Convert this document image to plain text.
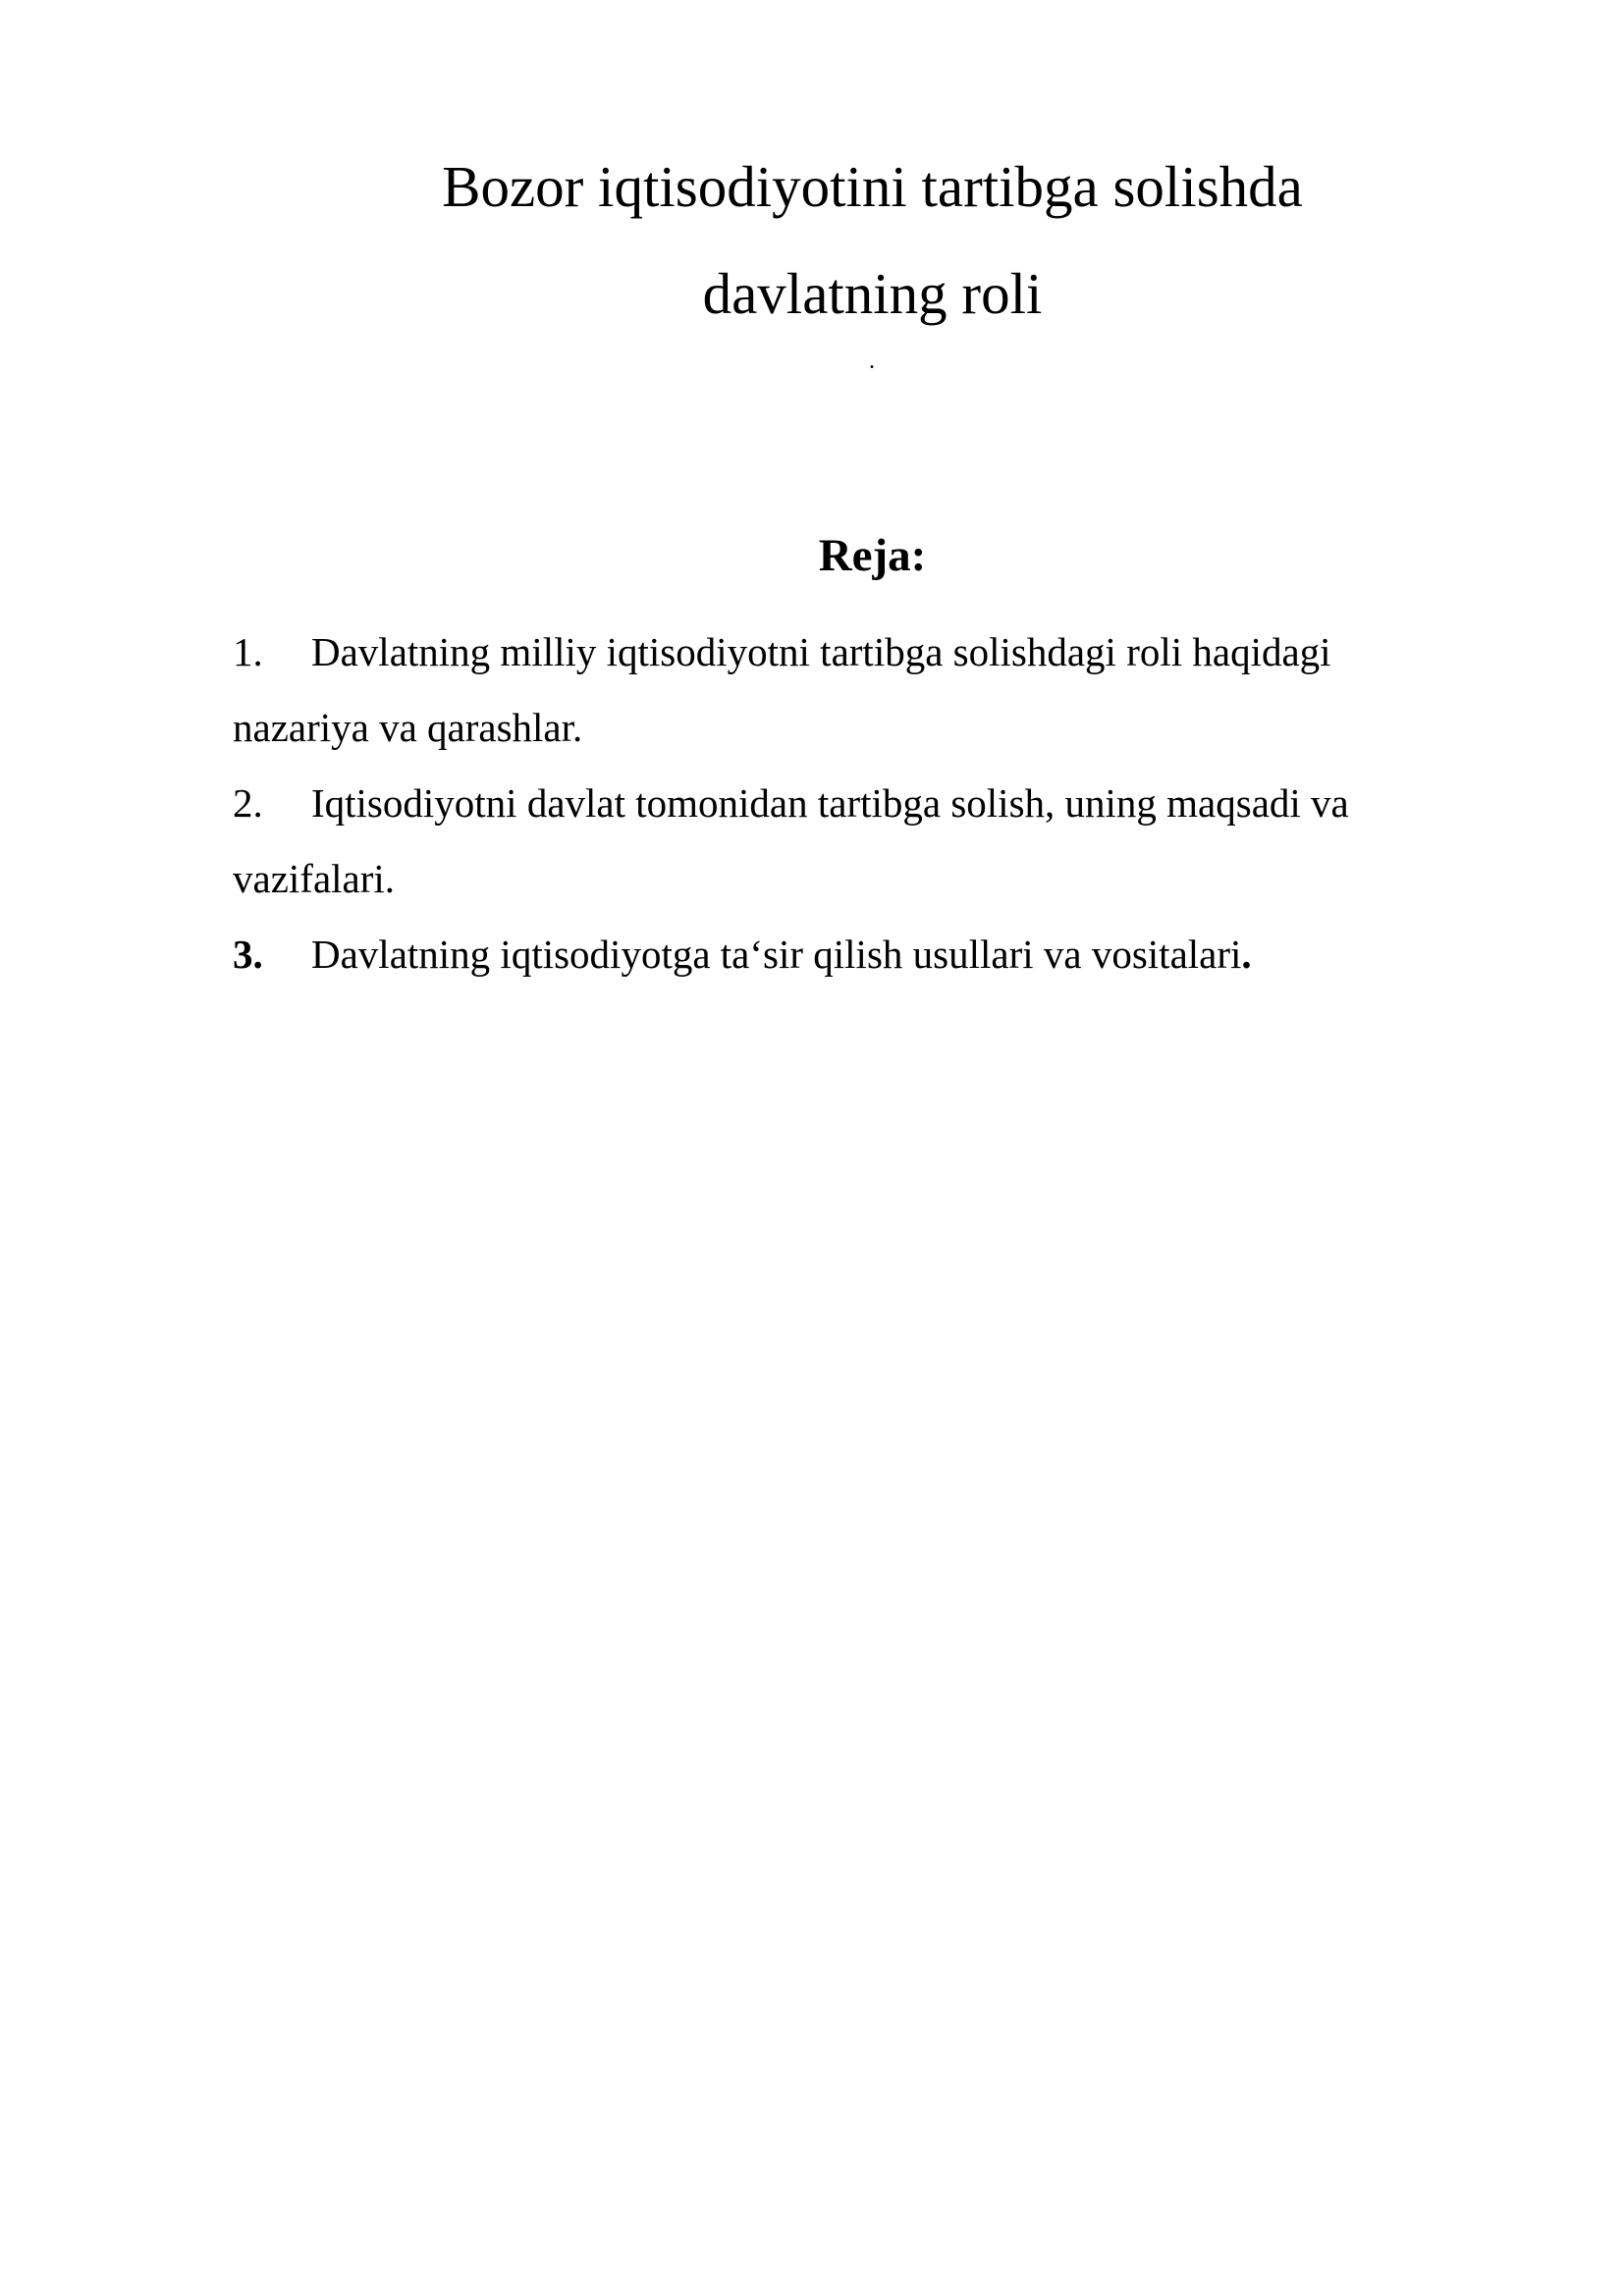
Bozor iqtisodiyotini tartibga solishda
davlatning roli
.
Reja:

1. Davlatning milliy iqtisodiyotni tartibga solishdagi roli haqidagi nazariya va qarashlar.

2. Iqtisodiyotni davlat tomonidan tartibga solish, uning maqsadi va vazifalari.

3. Davlatning iqtisodiyotga ta‘sir qilish usullari va vositalari.
